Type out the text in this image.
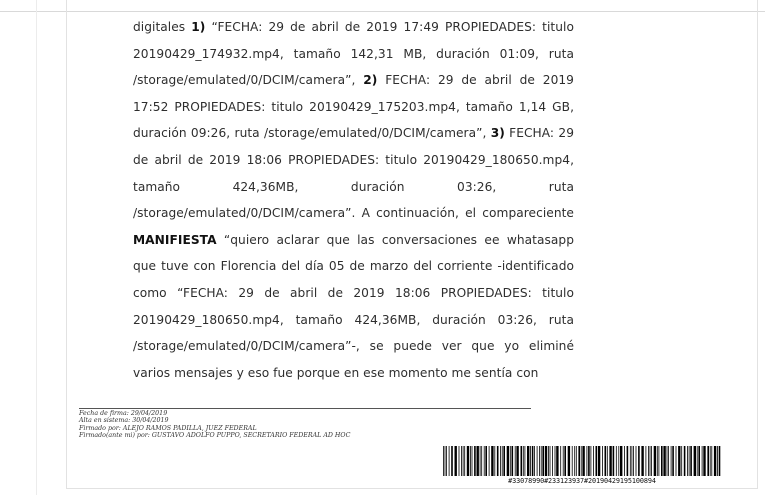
digitales 1) “FECHA: 29 de abril de 2019 17:49 PROPIEDADES: titulo 20190429_174932.mp4, tamaño 142,31 MB, duración 01:09, ruta /storage/emulated/0/DCIM/camera”, 2) FECHA: 29 de abril de 2019 17:52 PROPIEDADES: titulo 20190429_175203.mp4, tamaño 1,14 GB, duración 09:26, ruta /storage/emulated/0/DCIM/camera”, 3) FECHA: 29 de abril de 2019 18:06 PROPIEDADES: titulo 20190429_180650.mp4, tamaño 424,36MB, duración 03:26, ruta /storage/emulated/0/DCIM/camera”. A continuación, el compareciente MANIFIESTA “quiero aclarar que las conversaciones ee whatasapp que tuve con Florencia del día 05 de marzo del corriente -identificado como “FECHA: 29 de abril de 2019 18:06 PROPIEDADES: titulo 20190429_180650.mp4, tamaño 424,36MB, duración 03:26, ruta /storage/emulated/0/DCIM/camera”-, se puede ver que yo eliminé varios mensajes y eso fue porque en ese momento me sentía con

Fecha de firma: 29/04/2019
Alta en sistema: 30/04/2019
Firmado por: ALEJO RAMOS PADILLA, JUEZ FEDERAL
Firmado(ante mi) por: GUSTAVO ADOLFO PUPPO, SECRETARIO FEDERAL AD HOC
#33078990#233123937#20190429195100894
